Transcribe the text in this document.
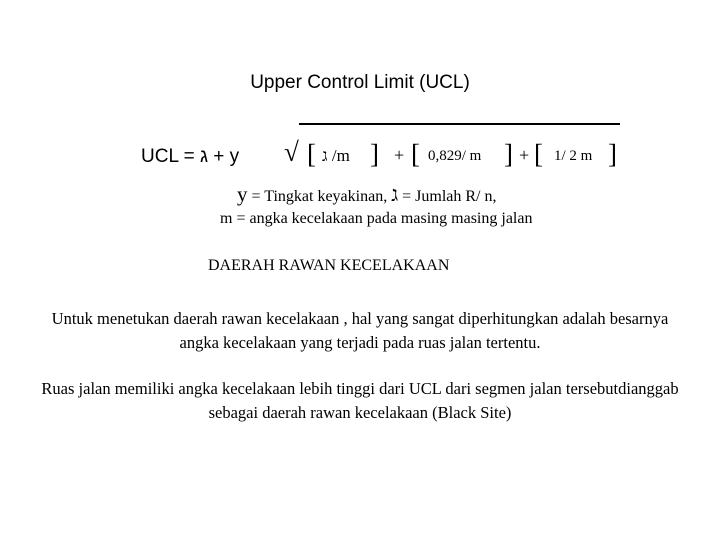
Upper Control Limit (UCL)
UCL = ג + y √ [ ג /m ] + [ 0,829/ m ] + [ 1/ 2 m ]
y = Tingkat keyakinan, ג = Jumlah R/ n,
m = angka kecelakaan pada masing masing jalan
DAERAH RAWAN KECELAKAAN
Untuk menetukan daerah rawan kecelakaan , hal yang sangat diperhitungkan adalah besarnya angka kecelakaan yang terjadi pada ruas jalan tertentu.
Ruas jalan memiliki angka kecelakaan lebih tinggi dari UCL dari segmen jalan tersebutdianggab sebagai daerah rawan kecelakaan (Black Site)
